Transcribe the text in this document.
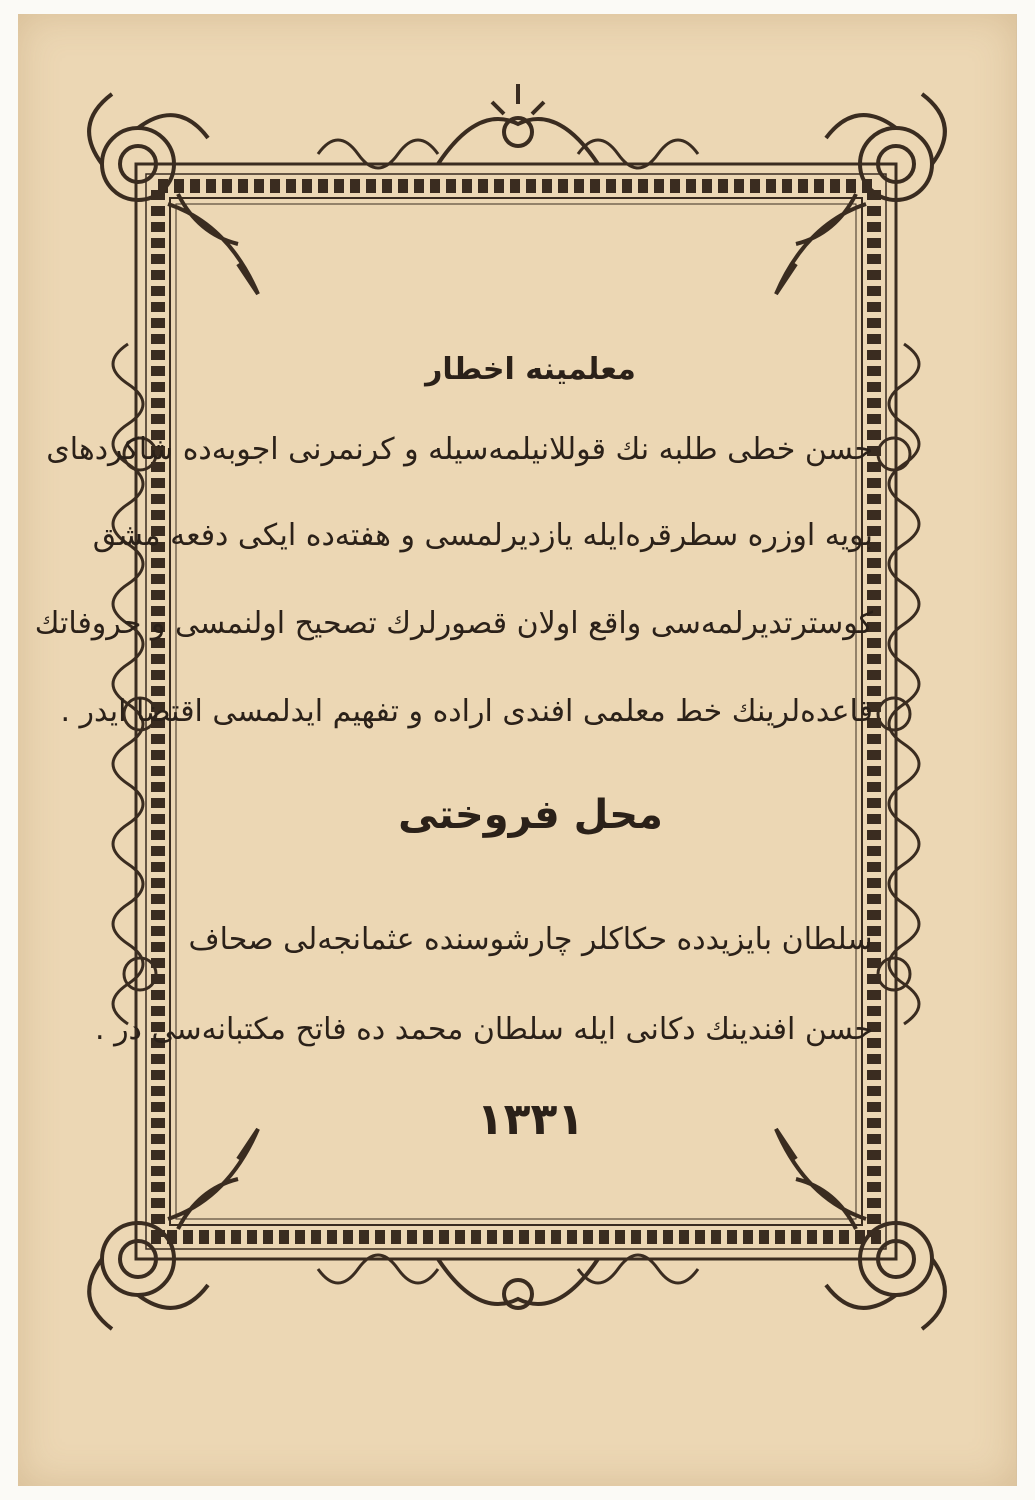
معلمینه اخطار
حسن خطی طلبه نك قوللانیلمه‌سیله و كرنمرنی اجوبه‌ده شاكردهای
بویه اوزره سطرقره‌ایله یازدیرلمسی و هفته‌ده ایكی دفعه مشق
كوسترتدیرلمه‌سی واقع اولان قصورلرك تصحیح اولنمسی و حروفاتك
قاعده‌لرینك خط معلمی افندی اراده و تفهیم ایدلمسی اقتضا ایدر .
محل فروختی
سلطان بایزیدده حكاكلر چارشوسنده عثمانجه‌لی صحاف
حسن افندینك دكانی ایله سلطان محمد ده فاتح مكتبانه‌سی در .
١٣٣١
